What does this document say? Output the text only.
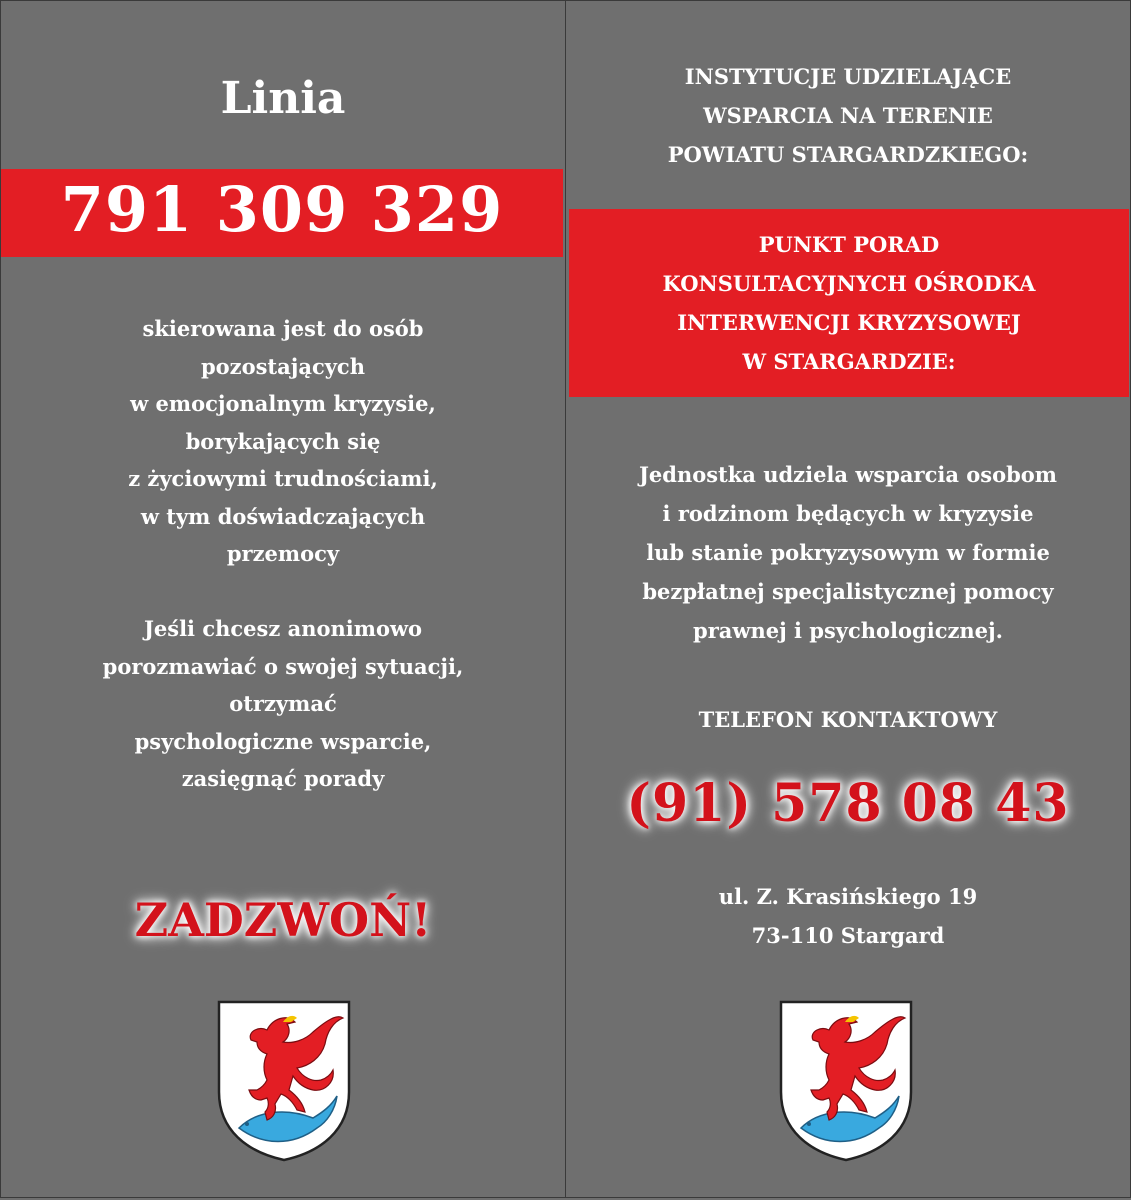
Linia
791 309 329
skierowana jest do osób
pozostających
w emocjonalnym kryzysie,
borykających się
z życiowymi trudnościami,
w tym doświadczających
przemocy
Jeśli chcesz anonimowo
porozmawiać o swojej sytuacji,
otrzymać
psychologiczne wsparcie,
zasięgnąć porady
ZADZWOŃ!
INSTYTUCJE UDZIELAJĄCE
WSPARCIA NA TERENIE
POWIATU STARGARDZKIEGO:
PUNKT PORAD
KONSULTACYJNYCH OŚRODKA
INTERWENCJI KRYZYSOWEJ
W STARGARDZIE:
Jednostka udziela wsparcia osobom
i rodzinom będących w kryzysie
lub stanie pokryzysowym w formie
bezpłatnej specjalistycznej pomocy
prawnej i psychologicznej.
TELEFON KONTAKTOWY
(91) 578 08 43
ul. Z. Krasińskiego 19
73-110 Stargard
